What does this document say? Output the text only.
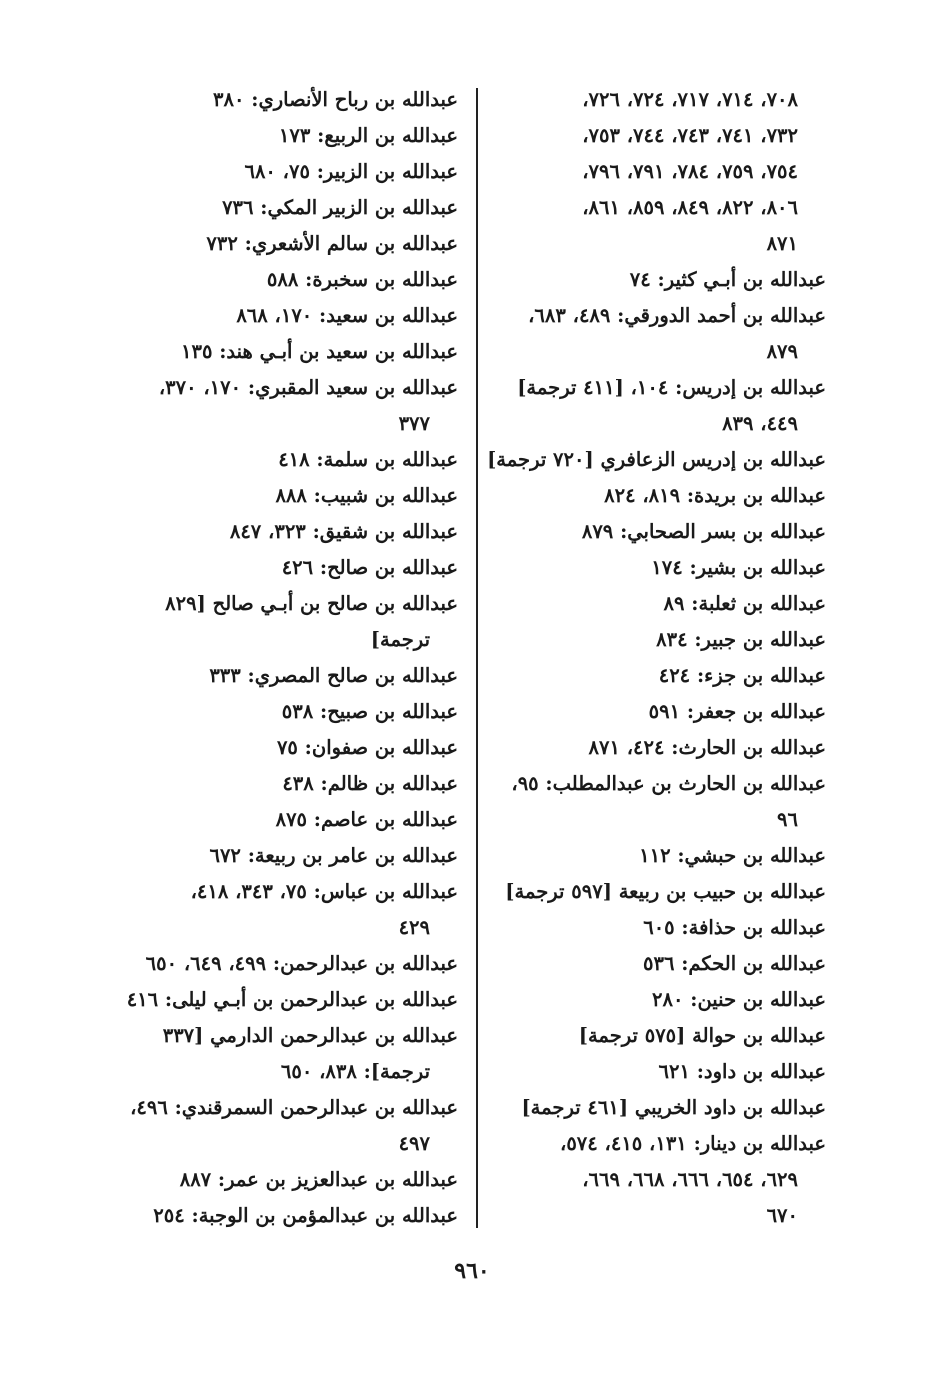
٧٠٨، ٧١٤، ٧١٧، ٧٢٤، ٧٢٦،
٧٣٢، ٧٤١، ٧٤٣، ٧٤٤، ٧٥٣،
٧٥٤، ٧٥٩، ٧٨٤، ٧٩١، ٧٩٦،
٨٠٦، ٨٢٢، ٨٤٩، ٨٥٩، ٨٦١،
٨٧١
عبدالله بن أبـي كثير: ٧٤
عبدالله بن أحمد الدورقي: ٤٨٩، ٦٨٣،
٨٧٩
عبدالله بن إدريس: ١٠٤، [٤١١ ترجمة]
٤٤٩، ٨٣٩
عبدالله بن إدريس الزعافري [٧٢٠ ترجمة]
عبدالله بن بريدة: ٨١٩، ٨٢٤
عبدالله بن بسر الصحابي: ٨٧٩
عبدالله بن بشير: ١٧٤
عبدالله بن ثعلبة: ٨٩
عبدالله بن جبير: ٨٣٤
عبدالله بن جزء: ٤٢٤
عبدالله بن جعفر: ٥٩١
عبدالله بن الحارث: ٤٢٤، ٨٧١
عبدالله بن الحارث بن عبدالمطلب: ٩٥،
٩٦
عبدالله بن حبشي: ١١٢
عبدالله بن حبيب بن ربيعة [٥٩٧ ترجمة]
عبدالله بن حذافة: ٦٠٥
عبدالله بن الحكم: ٥٣٦
عبدالله بن حنين: ٢٨٠
عبدالله بن حوالة [٥٧٥ ترجمة]
عبدالله بن داود: ٦٢١
عبدالله بن داود الخريبي [٤٦١ ترجمة]
عبدالله بن دينار: ١٣١، ٤١٥، ٥٧٤،
٦٢٩، ٦٥٤، ٦٦٦، ٦٦٨، ٦٦٩،
٦٧٠
عبدالله بن رباح الأنصاري: ٣٨٠
عبدالله بن الربيع: ١٧٣
عبدالله بن الزبير: ٧٥، ٦٨٠
عبدالله بن الزبير المكي: ٧٣٦
عبدالله بن سالم الأشعري: ٧٣٢
عبدالله بن سخبرة: ٥٨٨
عبدالله بن سعيد: ١٧٠، ٨٦٨
عبدالله بن سعيد بن أبـي هند: ١٣٥
عبدالله بن سعيد المقبري: ١٧٠، ٣٧٠،
٣٧٧
عبدالله بن سلمة: ٤١٨
عبدالله بن شبيب: ٨٨٨
عبدالله بن شقيق: ٣٢٣، ٨٤٧
عبدالله بن صالح: ٤٢٦
عبدالله بن صالح بن أبـي صالح [٨٢٩
ترجمة]
عبدالله بن صالح المصري: ٣٣٣
عبدالله بن صبيح: ٥٣٨
عبدالله بن صفوان: ٧٥
عبدالله بن ظالم: ٤٣٨
عبدالله بن عاصم: ٨٧٥
عبدالله بن عامر بن ربيعة: ٦٧٢
عبدالله بن عباس: ٧٥، ٣٤٣، ٤١٨،
٤٢٩
عبدالله بن عبدالرحمن: ٤٩٩، ٦٤٩، ٦٥٠
عبدالله بن عبدالرحمن بن أبـي ليلى: ٤١٦
عبدالله بن عبدالرحمن الدارمي [٣٣٧
ترجمة]: ٨٣٨، ٦٥٠
عبدالله بن عبدالرحمن السمرقندي: ٤٩٦،
٤٩٧
عبدالله بن عبدالعزيز بن عمر: ٨٨٧
عبدالله بن عبدالمؤمن بن الوجبة: ٢٥٤
٩٦٠
